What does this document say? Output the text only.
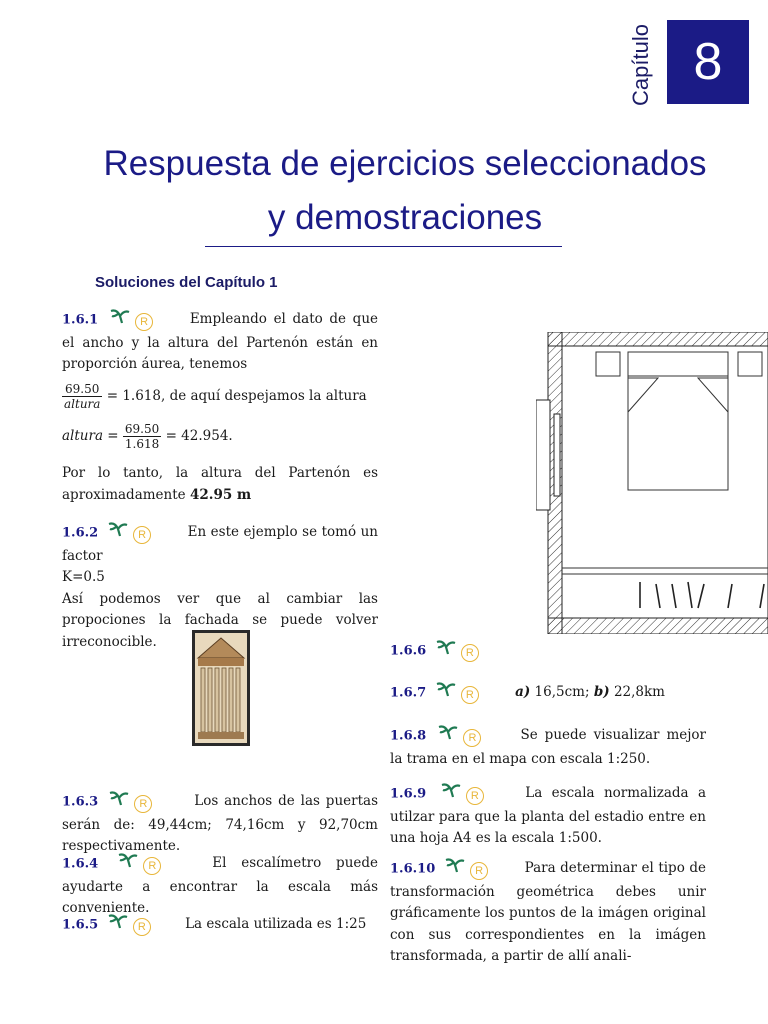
Capítulo 8
Respuesta de ejercicios seleccionados
y demostraciones
Soluciones del Capítulo 1
1.6.1	R	Empleando el dato de que el ancho y la altura del Partenón están en proporción áurea, tenemos
$\frac{69.50}{\text{altura}} = 1.618$, de aquí despejamos la altura
altura = $\frac{69.50}{1.618} = 42.954$.
Por lo tanto, la altura del Partenón es aproximadamente 42.95 m
1.6.2	R	En este ejemplo se tomó un factor
K=0.5
Así podemos ver que al cambiar las propociones la fachada se puede volver irreconocible.
1.6.3	R	Los anchos de las puertas serán de: 49,44cm; 74,16cm y 92,70cm respectivamente.
1.6.4	R	El escalímetro puede ayudarte a encontrar la escala más conveniente.
1.6.5	R	La escala utilizada es 1:25
1.6.6	R
1.6.7	R	a) 16,5cm; b) 22,8km
1.6.8	R	Se puede visualizar mejor la trama en el mapa con escala 1:250.
1.6.9	R	La escala normalizada a utilzar para que la planta del estadio entre en una hoja A4 es la escala 1:500.
1.6.10	R	Para determinar el tipo de transformación geométrica debes unir gráficamente los puntos de la imágen original con sus correspondientes en la imágen transformada, a partir de allí anali-
